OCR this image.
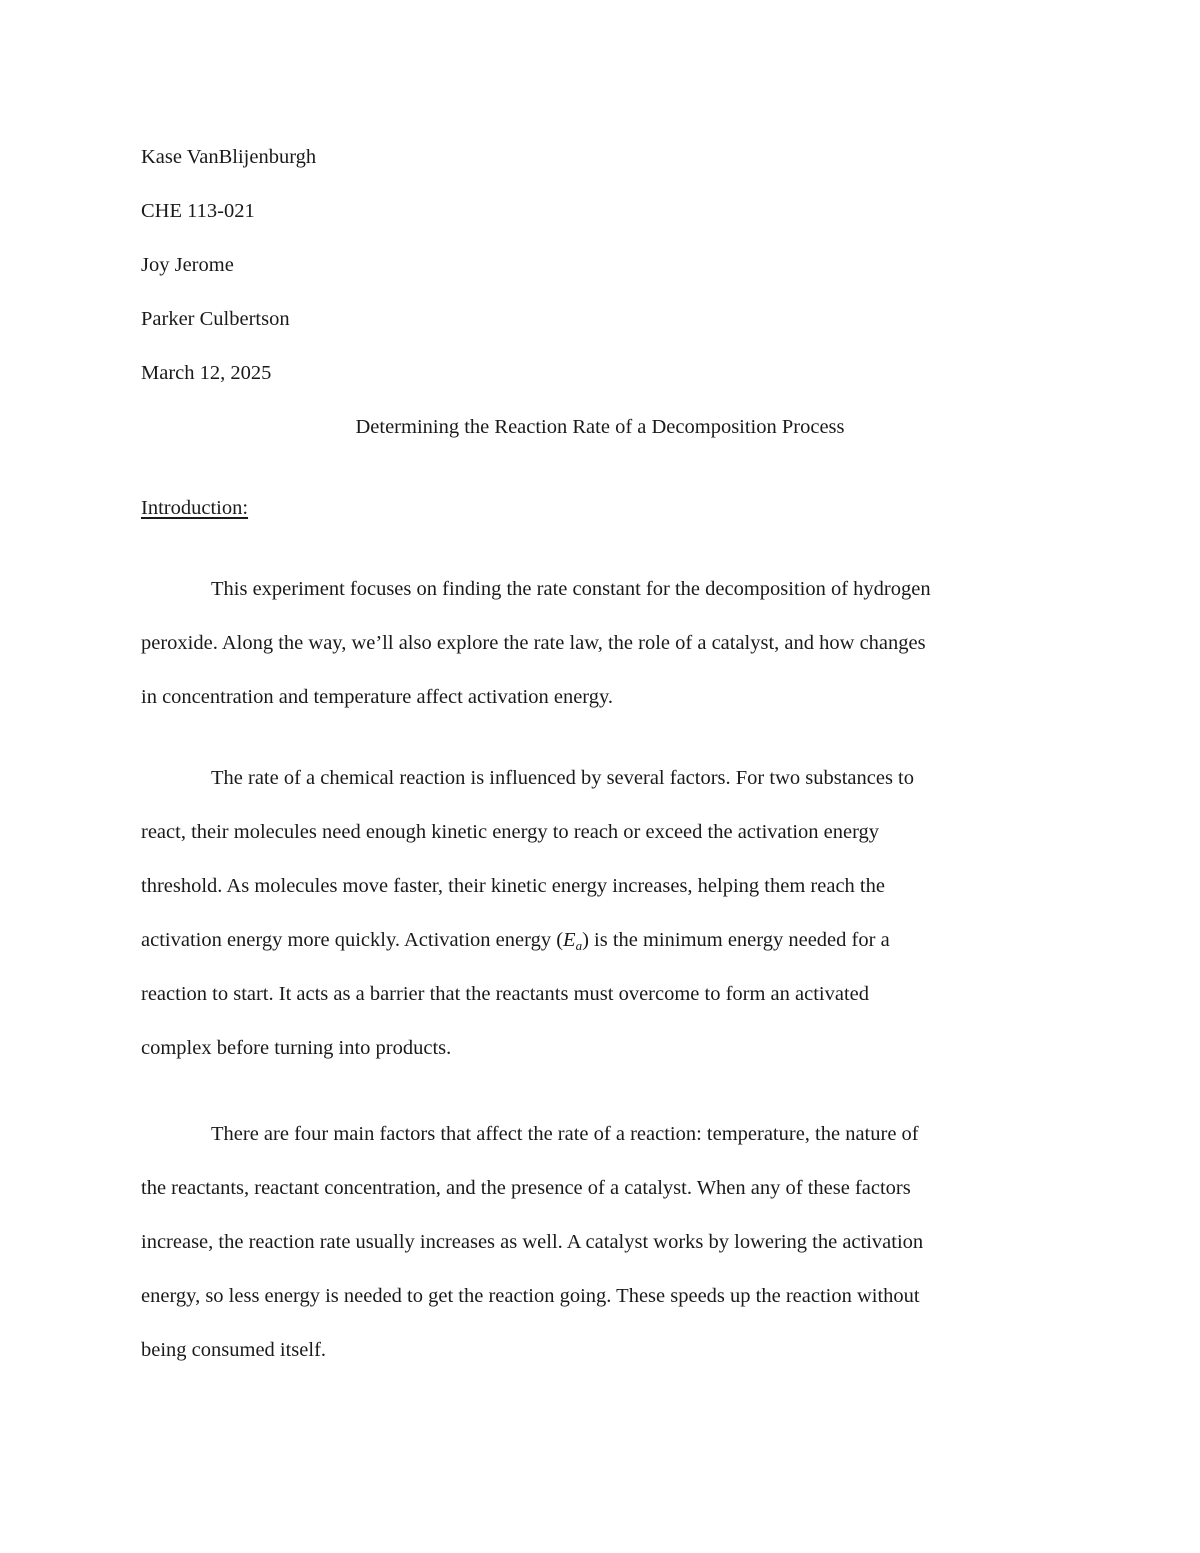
Kase VanBlijenburgh
CHE 113-021
Joy Jerome
Parker Culbertson
March 12, 2025
Determining the Reaction Rate of a Decomposition Process
Introduction:
This experiment focuses on finding the rate constant for the decomposition of hydrogen
peroxide. Along the way, we’ll also explore the rate law, the role of a catalyst, and how changes
in concentration and temperature affect activation energy.
The rate of a chemical reaction is influenced by several factors. For two substances to
react, their molecules need enough kinetic energy to reach or exceed the activation energy
threshold. As molecules move faster, their kinetic energy increases, helping them reach the
activation energy more quickly. Activation energy $(E_a)$ is the minimum energy needed for a
reaction to start. It acts as a barrier that the reactants must overcome to form an activated
complex before turning into products.
There are four main factors that affect the rate of a reaction: temperature, the nature of
the reactants, reactant concentration, and the presence of a catalyst. When any of these factors
increase, the reaction rate usually increases as well. A catalyst works by lowering the activation
energy, so less energy is needed to get the reaction going. These speeds up the reaction without
being consumed itself.
